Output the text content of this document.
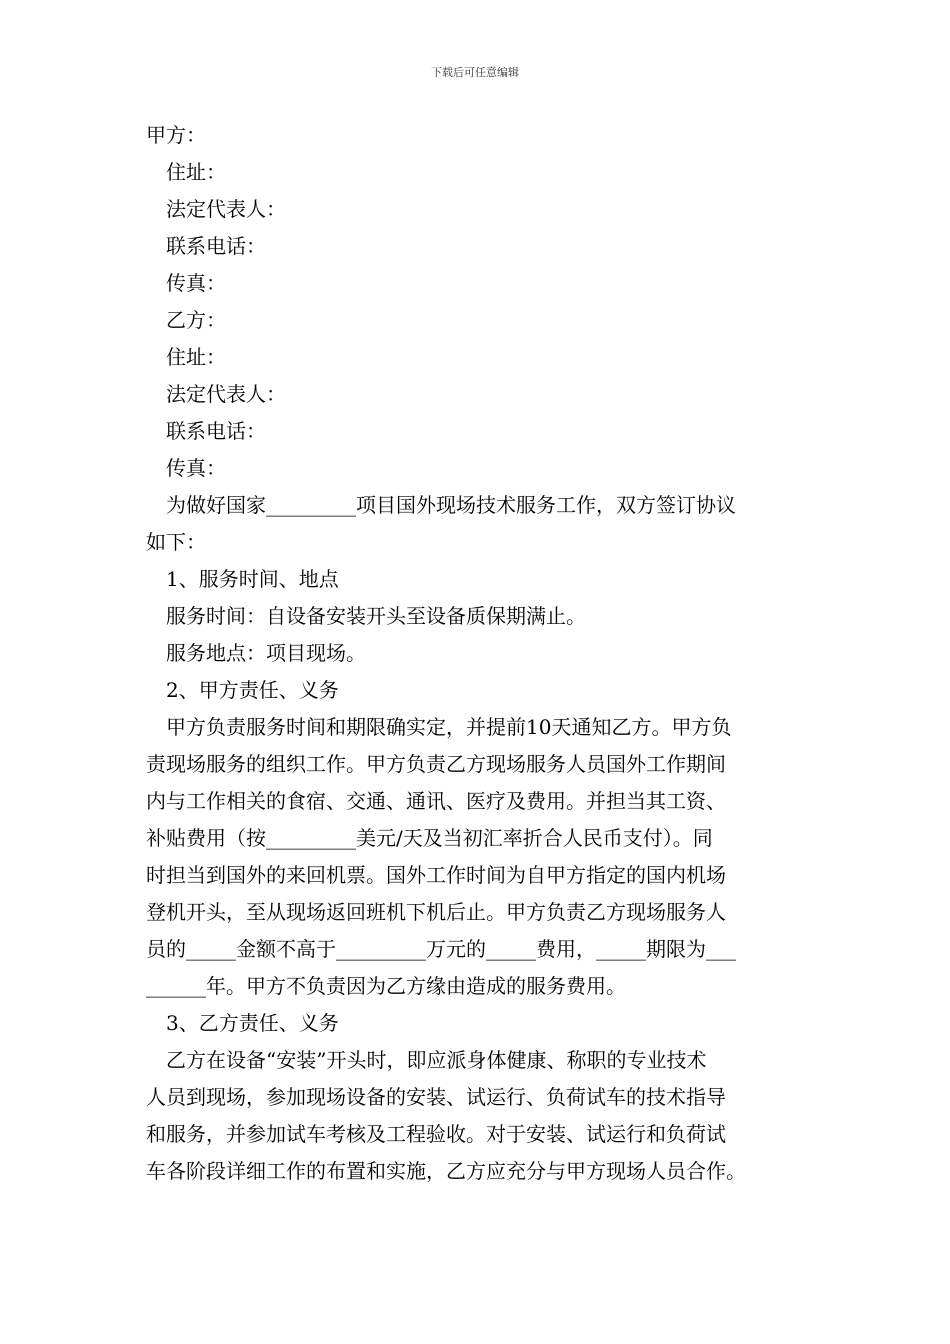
下载后可任意编辑
甲方：
住址：
法定代表人：
联系电话：
传真：
乙方：
住址：
法定代表人：
联系电话：
传真：
为做好国家_________项目国外现场技术服务工作，双方签订协议
如下：
1、服务时间、地点
服务时间：自设备安装开头至设备质保期满止。
服务地点：项目现场。
2、甲方责任、义务
甲方负责服务时间和期限确实定，并提前10天通知乙方。甲方负
责现场服务的组织工作。甲方负责乙方现场服务人员国外工作期间
内与工作相关的食宿、交通、通讯、医疗及费用。并担当其工资、
补贴费用（按_________美元/天及当初汇率折合人民币支付）。同
时担当到国外的来回机票。国外工作时间为自甲方指定的国内机场
登机开头，至从现场返回班机下机后止。甲方负责乙方现场服务人
员的_____金额不高于_________万元的_____费用，_____期限为___
______年。甲方不负责因为乙方缘由造成的服务费用。
3、乙方责任、义务
乙方在设备“安装”开头时，即应派身体健康、称职的专业技术
人员到现场，参加现场设备的安装、试运行、负荷试车的技术指导
和服务，并参加试车考核及工程验收。对于安装、试运行和负荷试
车各阶段详细工作的布置和实施，乙方应充分与甲方现场人员合作。
